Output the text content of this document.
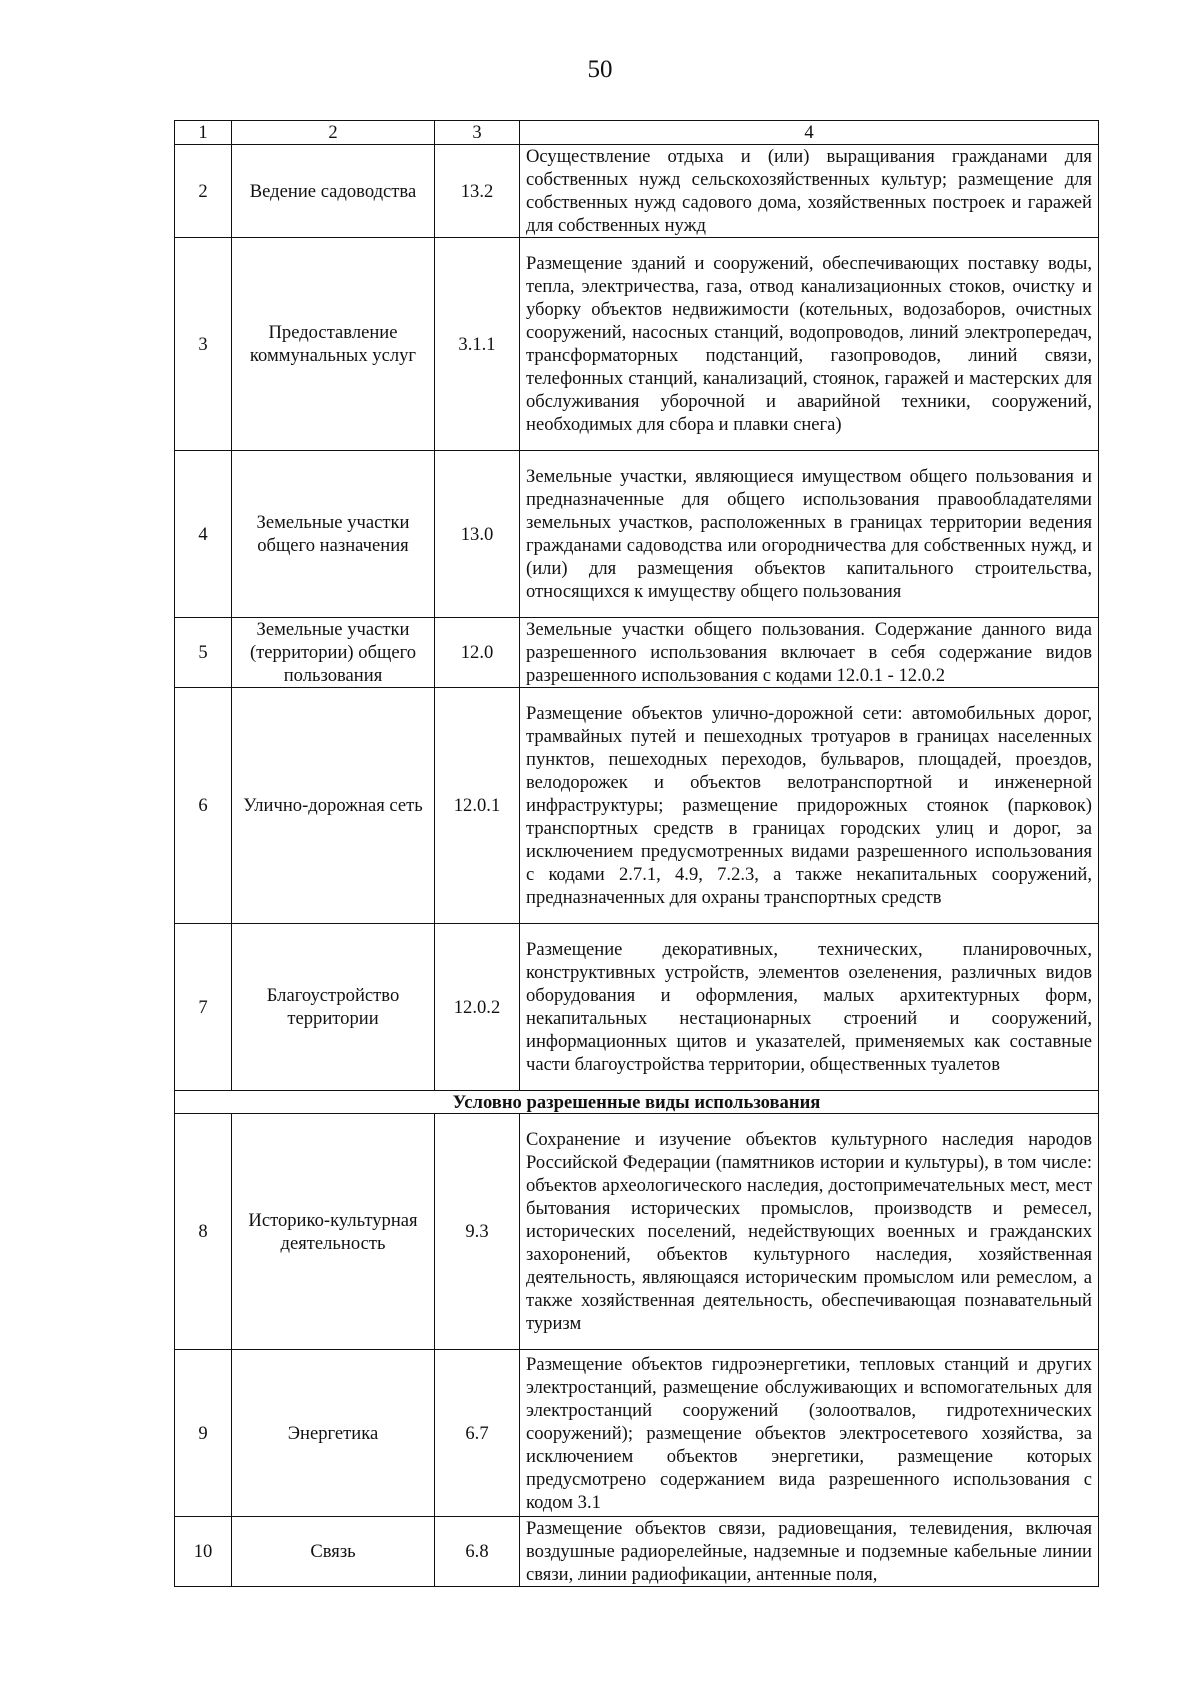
50
1	2	3	4
2	Ведение садоводства	13.2	Осуществление отдыха и (или) выращивания гражданами для собственных нужд сельскохозяйственных культур; размещение для собственных нужд садового дома, хозяйственных построек и гаражей для собственных нужд
3	Предоставление коммунальных услуг	3.1.1	Размещение зданий и сооружений, обеспечивающих поставку воды, тепла, электричества, газа, отвод канализационных стоков, очистку и уборку объектов недвижимости (котельных, водозаборов, очистных сооружений, насосных станций, водопроводов, линий электропередач, трансформаторных подстанций, газопроводов, линий связи, телефонных станций, канализаций, стоянок, гаражей и мастерских для обслуживания уборочной и аварийной техники, сооружений, необходимых для сбора и плавки снега)
4	Земельные участки общего назначения	13.0	Земельные участки, являющиеся имуществом общего пользования и предназначенные для общего использования правообладателями земельных участков, расположенных в границах территории ведения гражданами садоводства или огородничества для собственных нужд, и (или) для размещения объектов капитального строительства, относящихся к имуществу общего пользования
5	Земельные участки (территории) общего пользования	12.0	Земельные участки общего пользования. Содержание данного вида разрешенного использования включает в себя содержание видов разрешенного использования с кодами 12.0.1 - 12.0.2
6	Улично-дорожная сеть	12.0.1	Размещение объектов улично-дорожной сети: автомобильных дорог, трамвайных путей и пешеходных тротуаров в границах населенных пунктов, пешеходных переходов, бульваров, площадей, проездов, велодорожек и объектов велотранспортной и инженерной инфраструктуры; размещение придорожных стоянок (парковок) транспортных средств в границах городских улиц и дорог, за исключением предусмотренных видами разрешенного использования с кодами 2.7.1, 4.9, 7.2.3, а также некапитальных сооружений, предназначенных для охраны транспортных средств
7	Благоустройство территории	12.0.2	Размещение декоративных, технических, планировочных, конструктивных устройств, элементов озеленения, различных видов оборудования и оформления, малых архитектурных форм, некапитальных нестационарных строений и сооружений, информационных щитов и указателей, применяемых как составные части благоустройства территории, общественных туалетов
Условно разрешенные виды использования			
8	Историко-культурная деятельность	9.3	Сохранение и изучение объектов культурного наследия народов Российской Федерации (памятников истории и культуры), в том числе: объектов археологического наследия, достопримечательных мест, мест бытования исторических промыслов, производств и ремесел, исторических поселений, недействующих военных и гражданских захоронений, объектов культурного наследия, хозяйственная деятельность, являющаяся историческим промыслом или ремеслом, а также хозяйственная деятельность, обеспечивающая познавательный туризм
9	Энергетика	6.7	Размещение объектов гидроэнергетики, тепловых станций и других электростанций, размещение обслуживающих и вспомогательных для электростанций сооружений (золоотвалов, гидротехнических сооружений); размещение объектов электросетевого хозяйства, за исключением объектов энергетики, размещение которых предусмотрено содержанием вида разрешенного использования с кодом 3.1
10	Связь	6.8	Размещение объектов связи, радиовещания, телевидения, включая воздушные радиорелейные, надземные и подземные кабельные линии связи, линии радиофикации, антенные поля,
